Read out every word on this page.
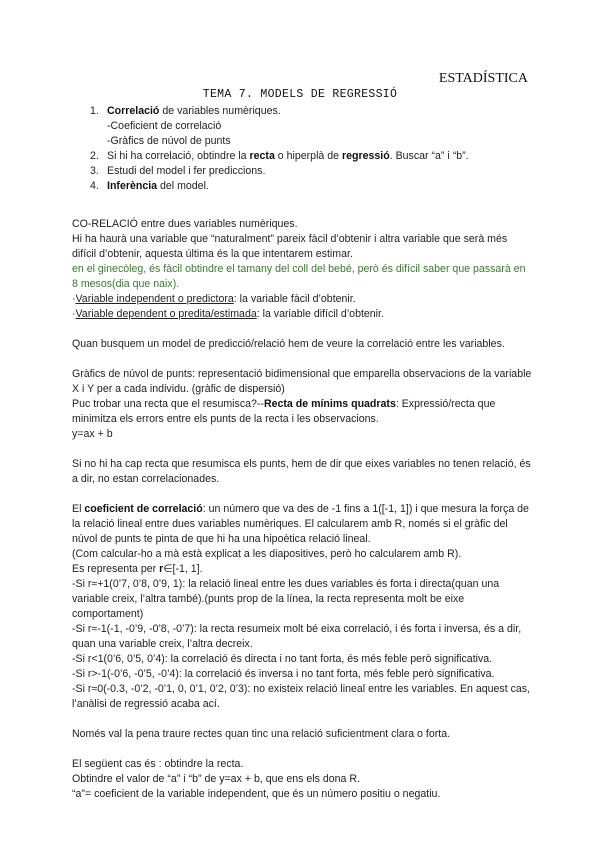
ESTADÍSTICA
TEMA 7. MODELS DE REGRESSIÓ
1. Correlació de variables numèriques.
-Coeficient de correlació
-Gràfics de núvol de punts
2. Si hi ha correlació, obtindre la recta o hiperplà de regressió. Buscar “a” i “b”.
3. Estudi del model i fer prediccions.
4. Inferència del model.

CO-RELACIÓ entre dues variables numèriques.

Hi ha haurà una variable que “naturalment” pareix fàcil d’obtenir i altra variable que serà més difícil d’obtenir, aquesta última és la que intentarem estimar.

en el ginecòleg, és fàcil obtindre el tamany del coll del bebé, però és difícil saber que passarà en 8 mesos(dia que naix).

·Variable independent o predictora: la variable fàcil d’obtenir.

·Variable dependent o predita/estimada: la variable difícil d’obtenir.

Quan busquem un model de predicció/relació hem de veure la correlació entre les variables.

Gràfics de núvol de punts: representació bidimensional que emparella observacions de la variable X i Y per a cada individu. (gràfic de dispersió)

Puc trobar una recta que el resumisca?--Recta de mínims quadrats: Expressió/recta que minimitza els errors entre els punts de la recta i les observacions.

y=ax + b

Si no hi ha cap recta que resumisca els punts, hem de dir que eixes variables no tenen relació, és a dir, no estan correlacionades.

El coeficient de correlació: un número que va des de -1 fins a 1([-1, 1]) i que mesura la força de la relació lineal entre dues variables numèriques. El calcularem amb R, només si el gràfic del núvol de punts te pinta de que hi ha una hipoètica relació lineal.

(Com calcular-ho a mà està explicat a les diapositives, però ho calcularem amb R).

Es representa per r∈[-1, 1].

-Si r≈+1(0’7, 0’8, 0’9, 1): la relació lineal entre les dues variables és forta i directa(quan una variable creix, l’altra també).(punts prop de la línea, la recta representa molt be eixe comportament)

-Si r≈-1(-1, -0’9, -0’8, -0’7): la recta resumeix molt bé eixa correlació, i és forta i inversa, és a dir, quan una variable creix, l’altra decreix.

-Si r<1(0’6, 0’5, 0’4): la correlació és directa i no tant forta, és més feble però significativa.

-Si r>-1(-0’6, -0’5, -0’4): la correlació és inversa i no tant forta, més feble però significativa.

-Si r≈0(-0.3, -0’2, -0’1, 0, 0’1, 0’2, 0’3): no existeix relació lineal entre les variables. En aquest cas, l’anàlisi de regressió acaba ací.

Només val la pena traure rectes quan tinc una relació suficientment clara o forta.

El següent cas és : obtindre la recta.

Obtindre el valor de “a” i “b” de y=ax + b, que ens els dona R.

“a”= coeficient de la variable independent, que és un número positiu o negatiu.
